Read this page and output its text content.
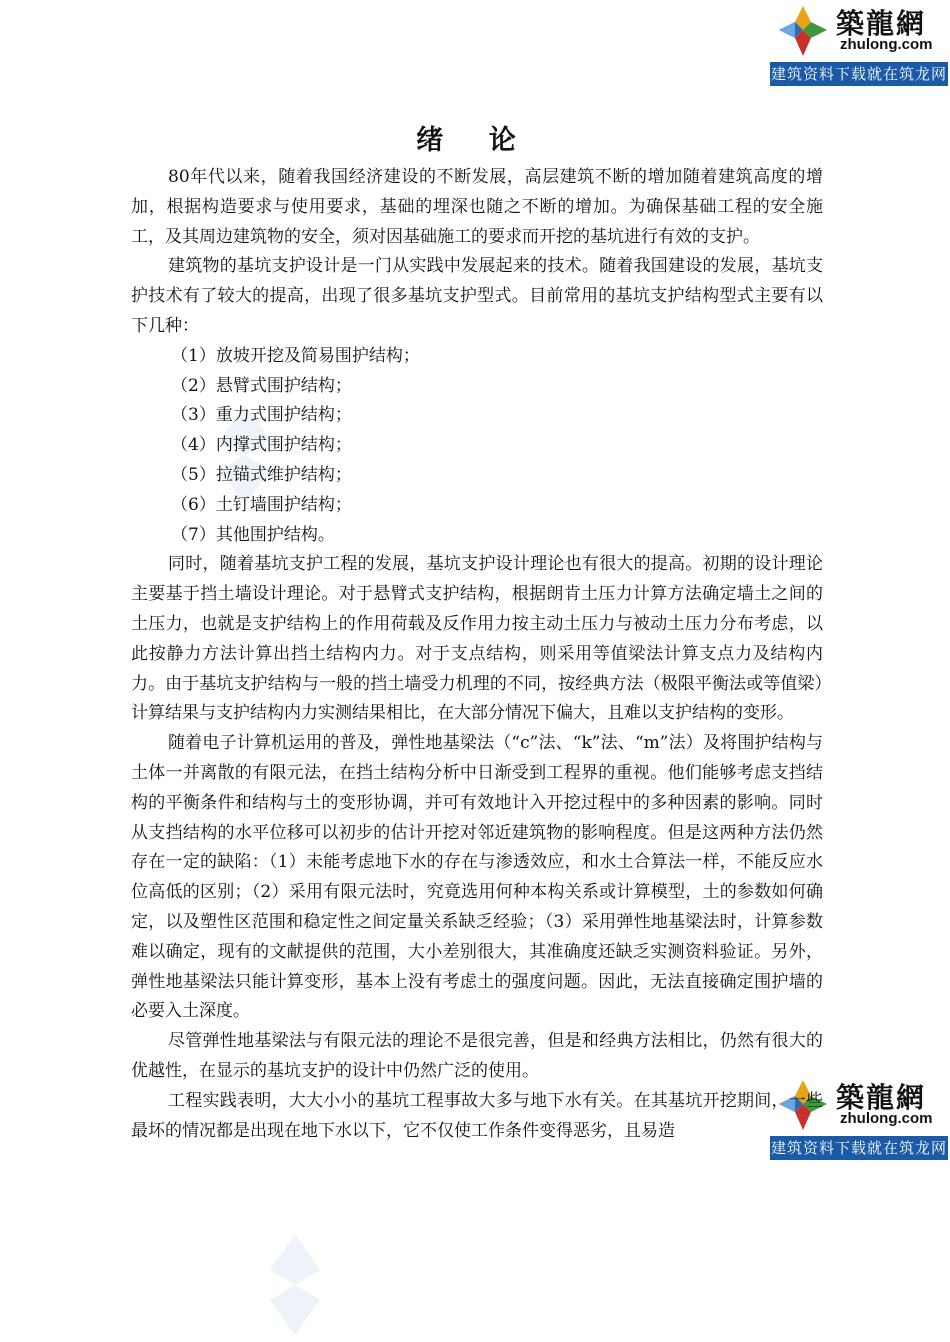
築龍網
zhulong.com
建筑资料下载就在筑龙网
築龍網
zhulong.com
建筑资料下载就在筑龙网
绪 论

80年代以来，随着我国经济建设的不断发展，高层建筑不断的增加随着建筑高度的增加，根据构造要求与使用要求，基础的埋深也随之不断的增加。为确保基础工程的安全施工，及其周边建筑物的安全，须对因基础施工的要求而开挖的基坑进行有效的支护。

建筑物的基坑支护设计是一门从实践中发展起来的技术。随着我国建设的发展，基坑支护技术有了较大的提高，出现了很多基坑支护型式。目前常用的基坑支护结构型式主要有以下几种：

（1）放坡开挖及简易围护结构；

（2）悬臂式围护结构；

（3）重力式围护结构；

（4）内撑式围护结构；

（5）拉锚式维护结构；

（6）土钉墙围护结构；

（7）其他围护结构。

同时，随着基坑支护工程的发展，基坑支护设计理论也有很大的提高。初期的设计理论主要基于挡土墙设计理论。对于悬臂式支护结构，根据朗肯土压力计算方法确定墙土之间的土压力，也就是支护结构上的作用荷载及反作用力按主动土压力与被动土压力分布考虑，以此按静力方法计算出挡土结构内力。对于支点结构，则采用等值梁法计算支点力及结构内力。由于基坑支护结构与一般的挡土墙受力机理的不同，按经典方法（极限平衡法或等值梁）计算结果与支护结构内力实测结果相比，在大部分情况下偏大，且难以支护结构的变形。

随着电子计算机运用的普及，弹性地基梁法（“c”法、“k”法、“m”法）及将围护结构与土体一并离散的有限元法，在挡土结构分析中日渐受到工程界的重视。他们能够考虑支挡结构的平衡条件和结构与土的变形协调，并可有效地计入开挖过程中的多种因素的影响。同时从支挡结构的水平位移可以初步的估计开挖对邻近建筑物的影响程度。但是这两种方法仍然存在一定的缺陷：（1）未能考虑地下水的存在与渗透效应，和水土合算法一样，不能反应水位高低的区别；（2）采用有限元法时，究竟选用何种本构关系或计算模型，土的参数如何确定，以及塑性区范围和稳定性之间定量关系缺乏经验；（3）采用弹性地基梁法时，计算参数难以确定，现有的文献提供的范围，大小差别很大，其准确度还缺乏实测资料验证。另外，弹性地基梁法只能计算变形，基本上没有考虑土的强度问题。因此，无法直接确定围护墙的必要入土深度。

尽管弹性地基梁法与有限元法的理论不是很完善，但是和经典方法相比，仍然有很大的优越性，在显示的基坑支护的设计中仍然广泛的使用。

工程实践表明，大大小小的基坑工程事故大多与地下水有关。在其基坑开挖期间，一些最坏的情况都是出现在地下水以下，它不仅使工作条件变得恶劣，且易造
